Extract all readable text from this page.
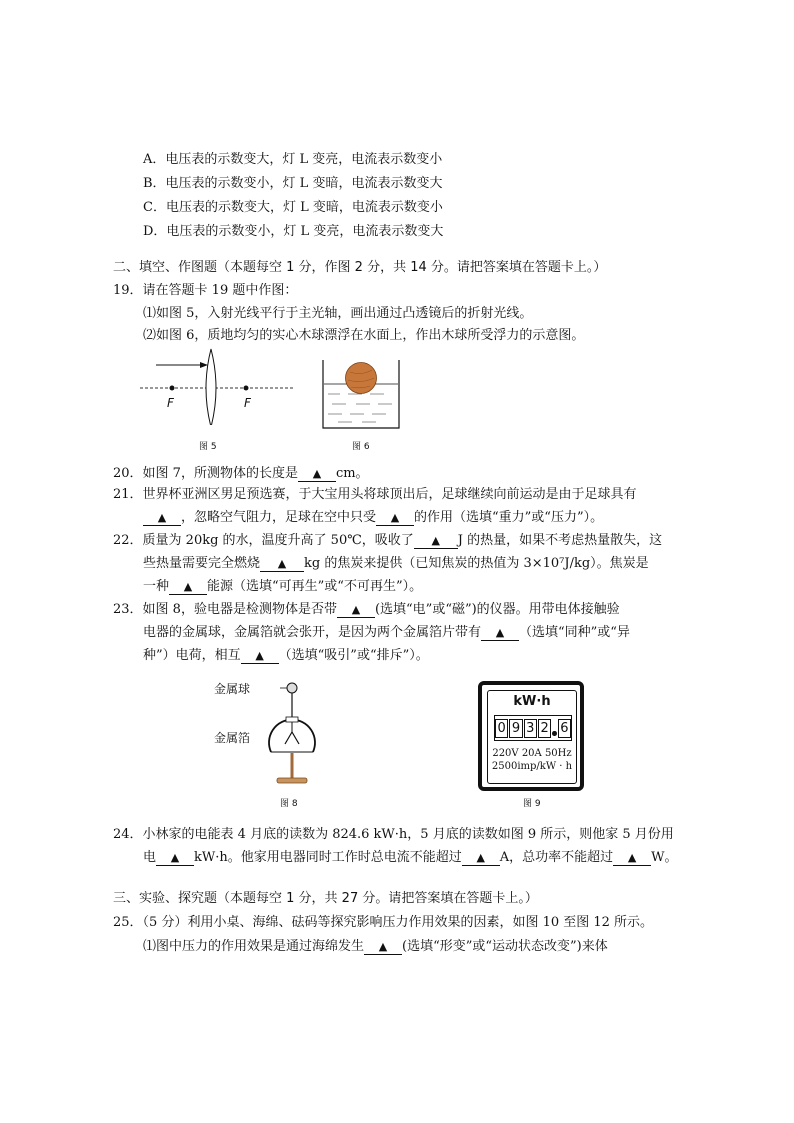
A．电压表的示数变大，灯 L 变亮，电流表示数变小
B．电压表的示数变小，灯 L 变暗，电流表示数变大
C．电压表的示数变大，灯 L 变暗，电流表示数变小
D．电压表的示数变小，灯 L 变亮，电流表示数变大
二、填空、作图题（本题每空 1 分，作图 2 分，共 14 分。请把答案填在答题卡上。）
19．请在答题卡 19 题中作图：
⑴如图 5，入射光线平行于主光轴，画出通过凸透镜后的折射光线。
⑵如图 6，质地均匀的实心木球漂浮在水面上，作出木球所受浮力的示意图。
F	F
图 5	图 6
20．如图 7，所测物体的长度是 ▲ cm。
21．世界杯亚洲区男足预选赛，于大宝用头将球顶出后，足球继续向前运动是由于足球具有
▲ ，忽略空气阻力，足球在空中只受 ▲ 的作用（选填“重力”或“压力”）。
22．质量为 20kg 的水，温度升高了 50℃，吸收了 ▲ J 的热量，如果不考虑热量散失，这
些热量需要完全燃烧 ▲ kg 的焦炭来提供（已知焦炭的热值为 3×10⁷J/kg）。焦炭是
一种 ▲ 能源（选填“可再生”或“不可再生”）。
23．如图 8，验电器是检测物体是否带 ▲ (选填“电”或“磁”)的仪器。用带电体接触验
电器的金属球，金属箔就会张开，是因为两个金属箔片带有 ▲ （选填“同种”或“异
种”）电荷，相互 ▲ （选填“吸引”或“排斥”）。
金属球
金属箔
图 8
kW·h
0 9 3 2 6
220V 20A 50Hz
2500imp/kW · h
图 9
24．小林家的电能表 4 月底的读数为 824.6 kW·h，5 月底的读数如图 9 所示，则他家 5 月份用
电 ▲ kW·h。他家用电器同时工作时总电流不能超过 ▲ A，总功率不能超过 ▲ W。
三、实验、探究题（本题每空 1 分，共 27 分。请把答案填在答题卡上。）
25．（5 分）利用小桌、海绵、砝码等探究影响压力作用效果的因素，如图 10 至图 12 所示。
⑴图中压力的作用效果是通过海绵发生 ▲ (选填“形变”或“运动状态改变”)来体
